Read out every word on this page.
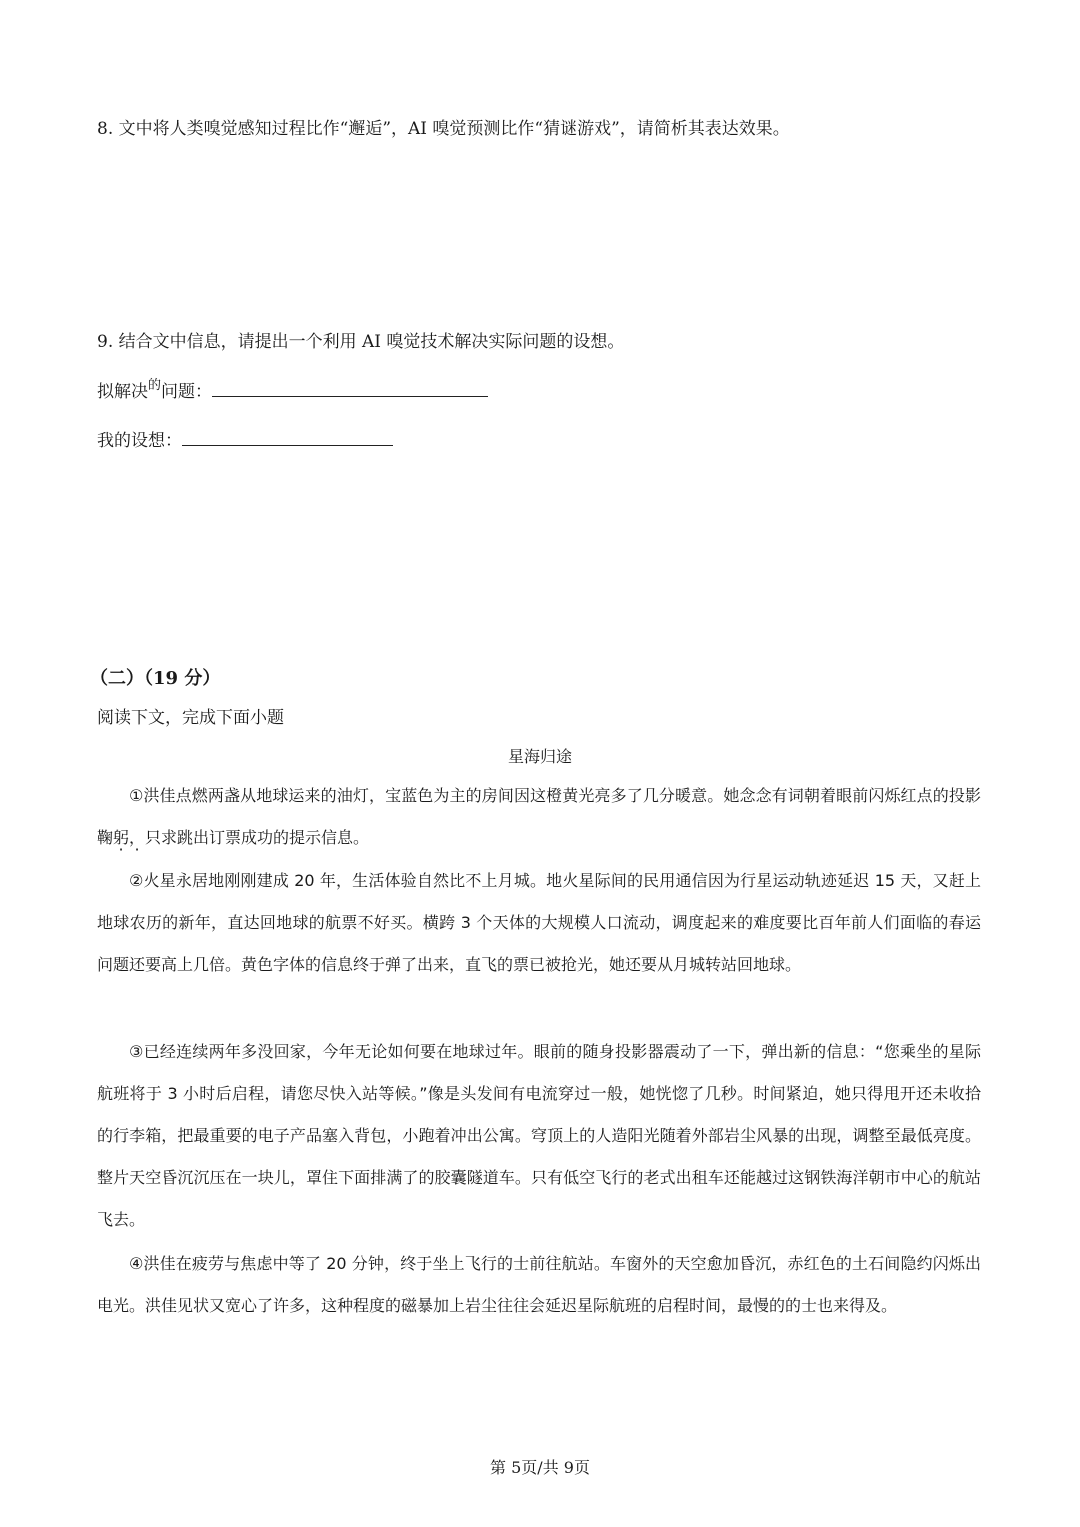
8. 文中将人类嗅觉感知过程比作“邂逅”，AI 嗅觉预测比作“猜谜游戏”，请简析其表达效果。
9. 结合文中信息，请提出一个利用 AI 嗅觉技术解决实际问题的设想。
拟解决$^的$问题：
我的设想：
（二）（19 分）
阅读下文，完成下面小题
星海归途

①洪佳点燃两盏从地球运来的油灯，宝蓝色为主的房间因这橙黄光亮多了几分暖意。她念念有词朝着眼前闪烁红点的投影鞠躬，只求跳出订票成功的提示信息。

②火星永居地刚刚建成 20 年，生活体验自然比不上月城。地火星际间的民用通信因为行星运动轨迹延迟 15 天，又赶上地球农历的新年，直达回地球的航票不好买。横跨 3 个天体的大规模人口流动，调度起来的难度要比百年前人们面临的春运问题还要高上几倍。黄色字体的信息终于弹了出来，直飞的票已被抢光，她还要从月城转站回地球。

③已经连续两年多没回家，今年无论如何要在地球过年。眼前的随身投影器震动了一下，弹出新的信息：“您乘坐的星际航班将于 3 小时后启程，请您尽快入站等候。”像是头发间有电流穿过一般，她恍惚了几秒。时间紧迫，她只得甩开还未收拾的行李箱，把最重要的电子产品塞入背包，小跑着冲出公寓。穹顶上的人造阳光随着外部岩尘风暴的出现，调整至最低亮度。整片天空昏沉沉压在一块儿，罩住下面排满了的胶囊隧道车。只有低空飞行的老式出租车还能越过这钢铁海洋朝市中心的航站飞去。

④洪佳在疲劳与焦虑中等了 20 分钟，终于坐上飞行的士前往航站。车窗外的天空愈加昏沉，赤红色的土石间隐约闪烁出电光。洪佳见状又宽心了许多，这种程度的磁暴加上岩尘往往会延迟星际航班的启程时间，最慢的的士也来得及。

第 5页/共 9页
